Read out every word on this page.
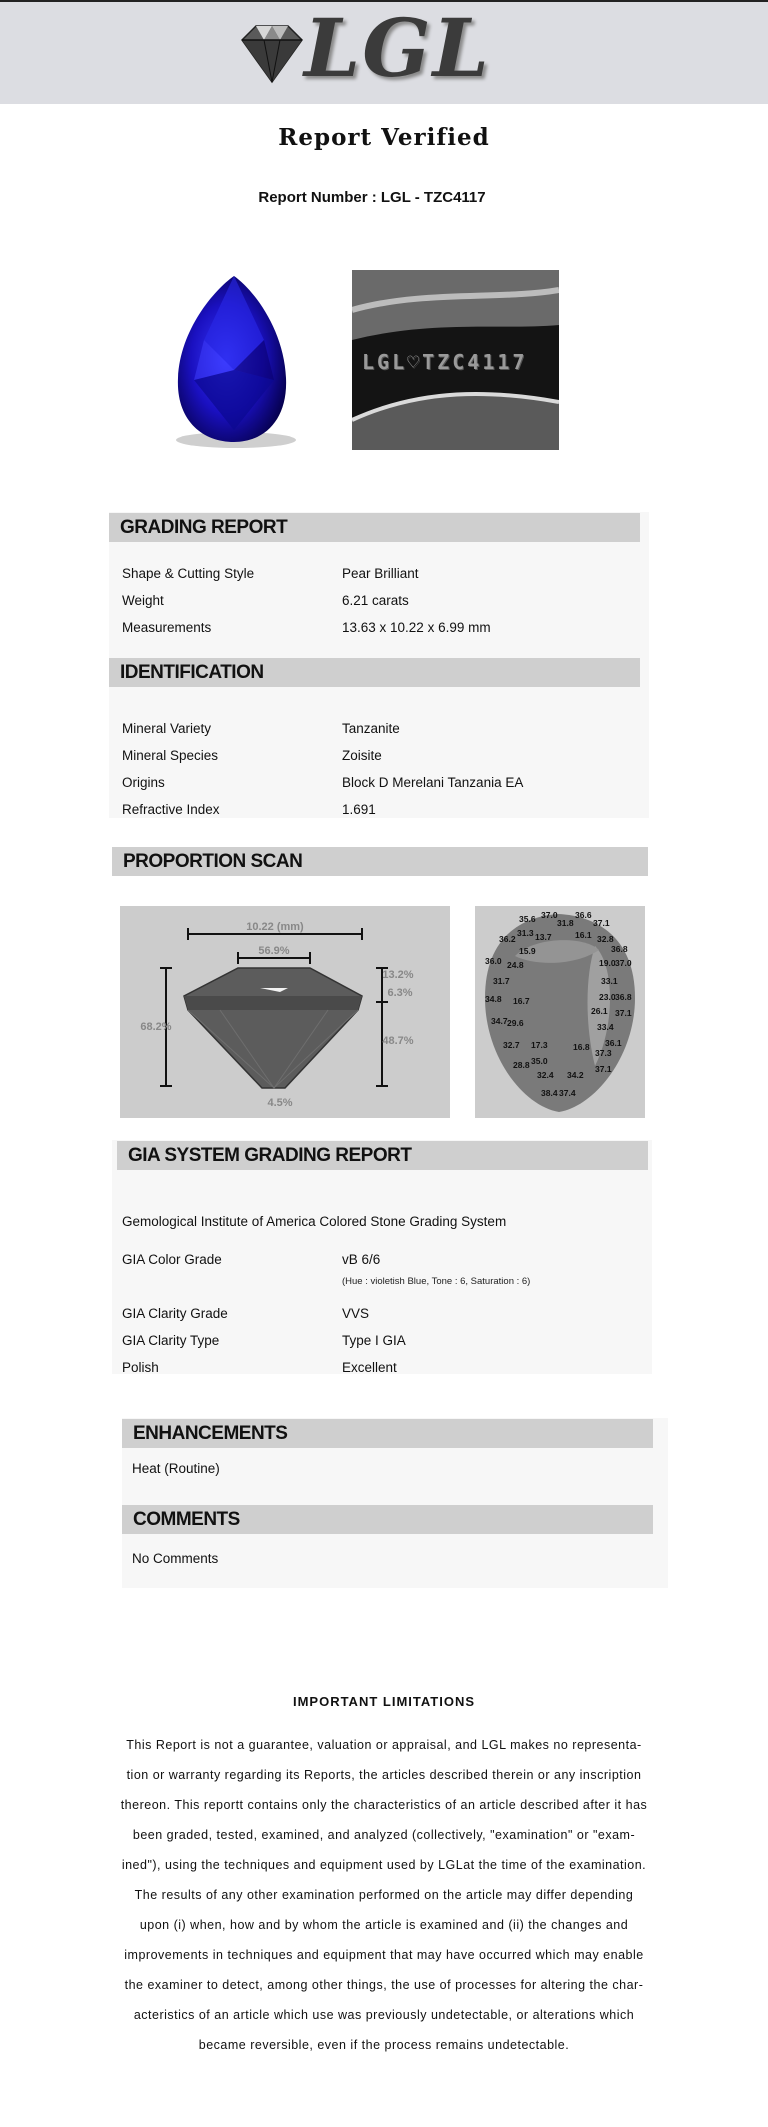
LGL
Report Verified
Report Number : LGL - TZC4117
LGL♡TZC4117
GRADING REPORT
Shape & Cutting Style	Pear Brilliant
Weight	6.21 carats
Measurements	13.63 x 10.22 x 6.99 mm
IDENTIFICATION
Mineral Variety	Tanzanite
Mineral Species	Zoisite
Origins	Block D Merelani Tanzania EA
Refractive Index	1.691
PROPORTION SCAN
10.22 (mm)
56.9%
68.2%
13.2%
6.3%
48.7%
4.5%
35.6 37.0 36.6
31.3
31.8 37.1
36.2 13.7	16.1 32.8
15.9	36.8
36.0 24.8	19.0 37.0
31.7	33.1
34.8 16.7	23.0 36.8
26.1 37.1
34.7 29.6	33.4
32.7 17.3	36.1
16.8
37.3
28.8 35.0
37.1
32.4 34.2
38.4 37.4
GIA SYSTEM GRADING REPORT
Gemological Institute of America Colored Stone Grading System
GIA Color Grade	vB 6/6
(Hue : violetish Blue, Tone : 6, Saturation : 6)
GIA Clarity Grade	VVS
GIA Clarity Type	Type I GIA
Polish	Excellent
ENHANCEMENTS
Heat (Routine)
COMMENTS
No Comments
IMPORTANT LIMITATIONS
This Report is not a guarantee, valuation or appraisal, and LGL makes no representa-
tion or warranty regarding its Reports, the articles described therein or any inscription
thereon. This reportt contains only the characteristics of an article described after it has
been graded, tested, examined, and analyzed (collectively, "examination" or "exam-
ined"), using the techniques and equipment used by LGLat the time of the examination.
The results of any other examination performed on the article may differ depending
upon (i) when, how and by whom the article is examined and (ii) the changes and
improvements in techniques and equipment that may have occurred which may enable
the examiner to detect, among other things, the use of processes for altering the char-
acteristics of an article which use was previously undetectable, or alterations which
became reversible, even if the process remains undetectable.
